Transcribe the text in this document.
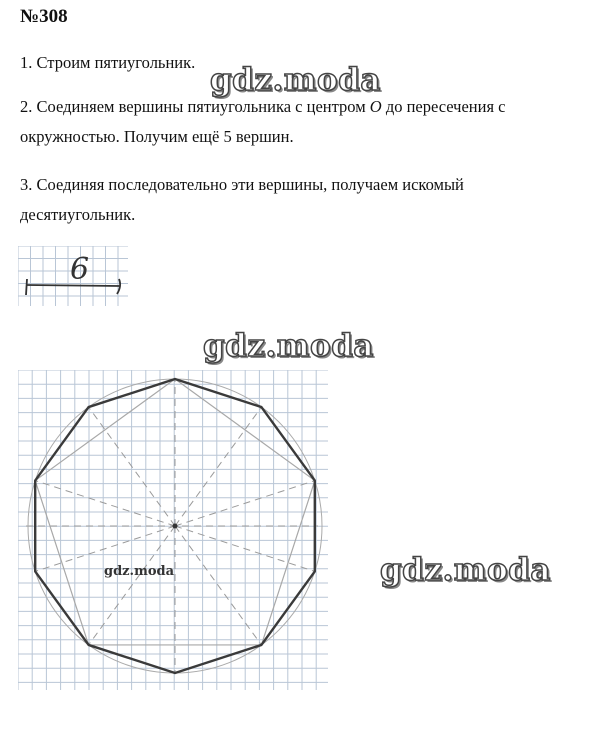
№308
1. Строим пятиугольник.
2. Соединяем вершины пятиугольника с центром O до пересечения с
окружностью. Получим ещё 5 вершин.
3. Соединяя последовательно эти вершины, получаем искомый
десятиугольник.
gdz.moda
gdz.moda
gdz.moda
6
gdz.moda
